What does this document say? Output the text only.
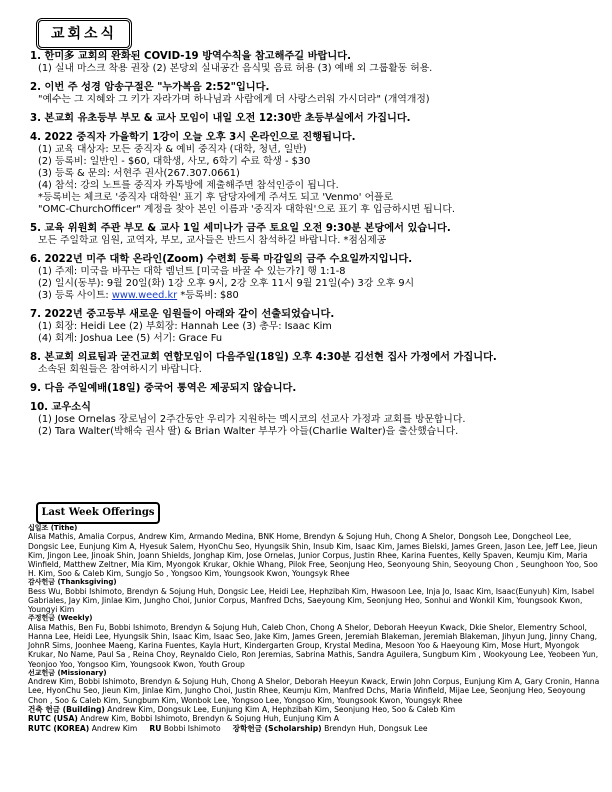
교회소식
1. 한미多 교회의 완화된 COVID-19 방역수칙을 참고해주길 바랍니다.
(1) 실내 마스크 착용 권장 (2) 본당외 실내공간 음식및 음료 허용 (3) 예배 외 그룹활동 허용.
2. 이번 주 성경 암송구절은 "누가복음 2:52"입니다.
"예수는 그 지혜와 그 키가 자라가며 하나님과 사람에게 더 사랑스러워 가시더라" (개역개정)
3. 본교회 유초등부 부모 & 교사 모임이 내일 오전 12:30반 초등부실에서 가집니다.
4. 2022 중직자 가을학기 1강이 오늘 오후 3시 온라인으로 진행됩니다.
(1) 교육 대상자: 모든 중직자 & 예비 중직자 (대학, 청년, 일반)
(2) 등록비: 일반인 - $60, 대학생, 사모, 6학기 수료 학생 - $30
(3) 등록 & 문의: 서현주 권사(267.307.0661)
(4) 참석: 강의 노트를 중직자 카톡방에 제출해주면 참석인증이 됩니다.
*등록비는 체크로 '중직자 대학원' 표기 후 담당자에게 주셔도 되고 'Venmo' 어플로
"OMC-ChurchOfficer" 계정을 찾아 본인 이름과 '중직자 대학원'으로 표기 후 입금하시면 됩니다.
5. 교육 위원회 주관 부모 & 교사 1일 세미나가 금주 토요일 오전 9:30분 본당에서 있습니다.
모든 주일학교 임원, 교역자, 부모, 교사들은 반드시 참석하길 바랍니다. *점심제공
6. 2022년 미주 대학 온라인(Zoom) 수련회 등록 마감일의 금주 수요일까지입니다.
(1) 주제: 미국을 바꾸는 대학 렘넌트 [미국을 바꿀 수 있는가?] 행 1:1-8
(2) 일시(동부): 9월 20일(화) 1강 오후 9시, 2강 오후 11시 9월 21일(수) 3강 오후 9시
(3) 등록 사이트: www.weed.kr *등록비: $80
7. 2022년 중고등부 새로운 임원들이 아래와 같이 선출되었습니다.
(1) 회장: Heidi Lee (2) 부회장: Hannah Lee (3) 총무: Isaac Kim
(4) 회계: Joshua Lee (5) 서기: Grace Fu
8. 본교회 의료팀과 굳건교회 연합모임이 다음주일(18일) 오후 4:30분 김선현 집사 가정에서 가집니다.
소속된 회원들은 참여하시기 바랍니다.
9. 다음 주일예배(18일) 중국어 통역은 제공되지 않습니다.
10. 교우소식
(1) Jose Ornelas 장로님이 2주간동안 우리가 지원하는 멕시코의 선교사 가정과 교회를 방문합니다.
(2) Tara Walter(박해숙 권사 딸) & Brian Walter 부부가 아들(Charlie Walter)을 출산했습니다.
Last Week Offerings
십일조 (Tithe)
Alisa Mathis, Amalia Corpus, Andrew Kim, Armando Medina, BNK Home, Brendyn & Sojung Huh, Chong A Shelor, Dongsoh Lee, Dongcheol Lee, Dongsic Lee, Eunjung Kim A, Hyesuk Salem, HyonChu Seo, Hyungsik Shin, Insub Kim, Isaac Kim, James Bielski, James Green, Jason Lee, Jeff Lee, Jieun Kim, Jingon Lee, Jinoak Shin, Joann Shields, Jonghap Kim, Jose Ornelas, Junior Corpus, Justin Rhee, Karina Fuentes, Kelly Spaven, Keumju Kim, Maria Winfield, Matthew Zeltner, Mia Kim, Myongok Krukar, Okhie Whang, Pilok Free, Seonjung Heo, Seonyoung Shin, Seoyoung Chon , Seunghoon Yoo, Soo H. Kim, Soo & Caleb Kim, Sungjo So , Yongsoo Kim, Youngsook Kwon, Youngsyk Rhee
감사헌금 (Thanksgiving)
Bess Wu, Bobbi Ishimoto, Brendyn & Sojung Huh, Dongsic Lee, Heidi Lee, Hephzibah Kim, Hwasoon Lee, Inja Jo, Isaac Kim, Isaac(Eunyuh) Kim, Isabel Gabriales, Jay Kim, Jinlae Kim, Jungho Choi, Junior Corpus, Manfred Dchs, Saeyoung Kim, Seonjung Heo, Sonhui and Wonkil Kim, Youngsook Kwon, Youngyi Kim
주정헌금 (Weekly)
Alisa Mathis, Ben Fu, Bobbi Ishimoto, Brendyn & Sojung Huh, Caleb Chon, Chong A Shelor, Deborah Heeyun Kwack, Dkie Shelor, Elementry School, Hanna Lee, Heidi Lee, Hyungsik Shin, Isaac Kim, Isaac Seo, Jake Kim, James Green, Jeremiah Blakeman, Jeremiah Blakeman, Jihyun Jung, Jinny Chang, JohnR Sims, Joonhee Maeng, Karina Fuentes, Kayla Hurt, Kindergarten Group, Krystal Medina, Mesoon Yoo & Haeyoung Kim, Mose Hurt, Myongok Krukar, No Name, Paul Sa , Reina Choy, Reynaldo Cielo, Ron Jeremias, Sabrina Mathis, Sandra Aguilera, Sungbum Kim , Wookyoung Lee, Yeobeen Yun, Yeonjoo Yoo, Yongsoo Kim, Youngsook Kwon, Youth Group
선교헌금 (Missionary)
Andrew Kim, Bobbi Ishimoto, Brendyn & Sojung Huh, Chong A Shelor, Deborah Heeyun Kwack, Erwin John Corpus, Eunjung Kim A, Gary Cronin, Hanna Lee, HyonChu Seo, Jieun Kim, Jinlae Kim, Jungho Choi, Justin Rhee, Keumju Kim, Manfred Dchs, Maria Winfield, Mijae Lee, Seonjung Heo, Seoyoung Chon , Soo & Caleb Kim, Sungbum Kim, Wonbok Lee, Yongsoo Lee, Yongsoo Kim, Youngsook Kwon, Youngsyk Rhee
건축 헌금 (Building) Andrew Kim, Dongsuk Lee, Eunjung Kim A, Hephzibah Kim, Seonjung Heo, Soo & Caleb Kim
RUTC (USA) Andrew Kim, Bobbi Ishimoto, Brendyn & Sojung Huh, Eunjung Kim A
RUTC (KOREA) Andrew Kim RU Bobbi Ishimoto 장학헌금 (Scholarship) Brendyn Huh, Dongsuk Lee
